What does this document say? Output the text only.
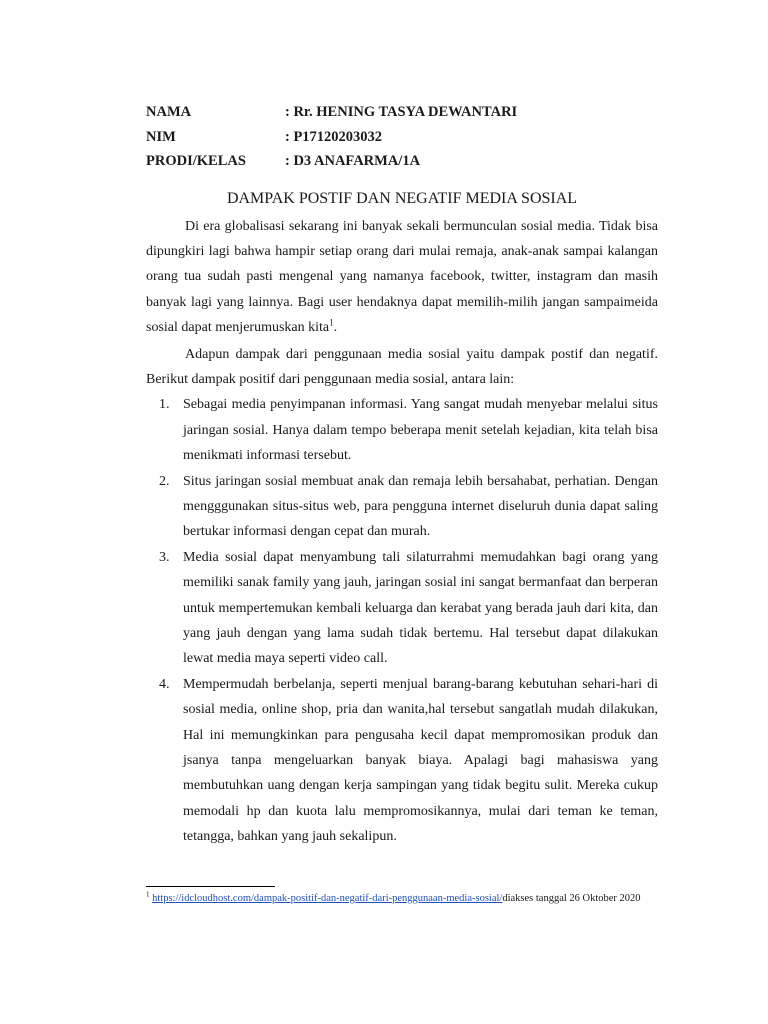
NAMA	: Rr. HENING TASYA DEWANTARI
NIM	: P17120203032
PRODI/KELAS	: D3 ANAFARMA/1A
DAMPAK POSTIF DAN NEGATIF MEDIA SOSIAL

Di era globalisasi sekarang ini banyak sekali bermunculan sosial media. Tidak bisa dipungkiri lagi bahwa hampir setiap orang dari mulai remaja, anak-anak sampai kalangan orang tua sudah pasti mengenal yang namanya facebook, twitter, instagram dan masih banyak lagi yang lainnya. Bagi user hendaknya dapat memilih-milih jangan sampaimeida sosial dapat menjerumuskan kita$^1$.

Adapun dampak dari penggunaan media sosial yaitu dampak postif dan negatif. Berikut dampak positif dari penggunaan media sosial, antara lain:

1. Sebagai media penyimpanan informasi. Yang sangat mudah menyebar melalui situs jaringan sosial. Hanya dalam tempo beberapa menit setelah kejadian, kita telah bisa menikmati informasi tersebut.
2. Situs jaringan sosial membuat anak dan remaja lebih bersahabat, perhatian. Dengan mengggunakan situs-situs web, para pengguna internet diseluruh dunia dapat saling bertukar informasi dengan cepat dan murah.
3. Media sosial dapat menyambung tali silaturrahmi memudahkan bagi orang yang memiliki sanak family yang jauh, jaringan sosial ini sangat bermanfaat dan berperan untuk mempertemukan kembali keluarga dan kerabat yang berada jauh dari kita, dan yang jauh dengan yang lama sudah tidak bertemu. Hal tersebut dapat dilakukan lewat media maya seperti video call.
4. Mempermudah berbelanja, seperti menjual barang-barang kebutuhan sehari-hari di sosial media, online shop, pria dan wanita,hal tersebut sangatlah mudah dilakukan, Hal ini memungkinkan para pengusaha kecil dapat mempromosikan produk dan jsanya tanpa mengeluarkan banyak biaya. Apalagi bagi mahasiswa yang membutuhkan uang dengan kerja sampingan yang tidak begitu sulit. Mereka cukup memodali hp dan kuota lalu mempromosikannya, mulai dari teman ke teman, tetangga, bahkan yang jauh sekalipun.
$^1$ https://idcloudhost.com/dampak-positif-dan-negatif-dari-penggunaan-media-sosial/diakses tanggal 26 Oktober 2020
